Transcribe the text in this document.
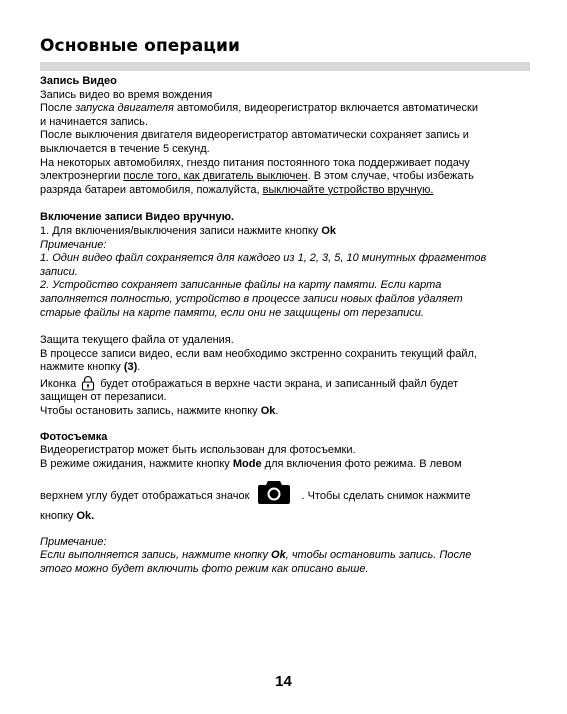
Основные операции

Запись Видео

Запись видео во время вождения

После запуска двигателя автомобиля, видеорегистратор включается автоматически

и начинается запись.

После выключения двигателя видеорегистратор автоматически сохраняет запись и

выключается в течение 5 секунд.

На некоторых автомобилях, гнездо питания постоянного тока поддерживает подачу

электроэнергии после того, как двигатель выключен. В этом случае, чтобы избежать

разряда батареи автомобиля, пожалуйста, выключайте устройство вручную.

Включение записи Видео вручную.

1. Для включения/выключения записи нажмите кнопку Ok

Примечание:

1. Один видео файл сохраняется для каждого из 1, 2, 3, 5, 10 минутных фрагментов

записи.

2. Устройство сохраняет записанные файлы на карту памяти. Если карта

заполняется полностью, устройство в процессе записи новых файлов удаляет

старые файлы на карте памяти, если они не защищены от перезаписи.

Защита текущего файла от удаления.

В процессе записи видео, если вам необходимо экстренно сохранить текущий файл,

нажмите кнопку (3).

Иконка будет отображаться в верхне части экрана, и записанный файл будет

защищен от перезаписи.

Чтобы остановить запись, нажмите кнопку Ok.

Фотосъемка

Видеорегистратор может быть использован для фотосъемки.

В режиме ожидания, нажмите кнопку Mode для включения фото режима. В левом

верхнем углу будет отображаться значок	. Чтобы сделать снимок нажмите

кнопку Ok.

Примечание:

Если выполняется запись, нажмите кнопку Ok, чтобы остановить запись. После

этого можно будет включить фото режим как описано выше.

14
